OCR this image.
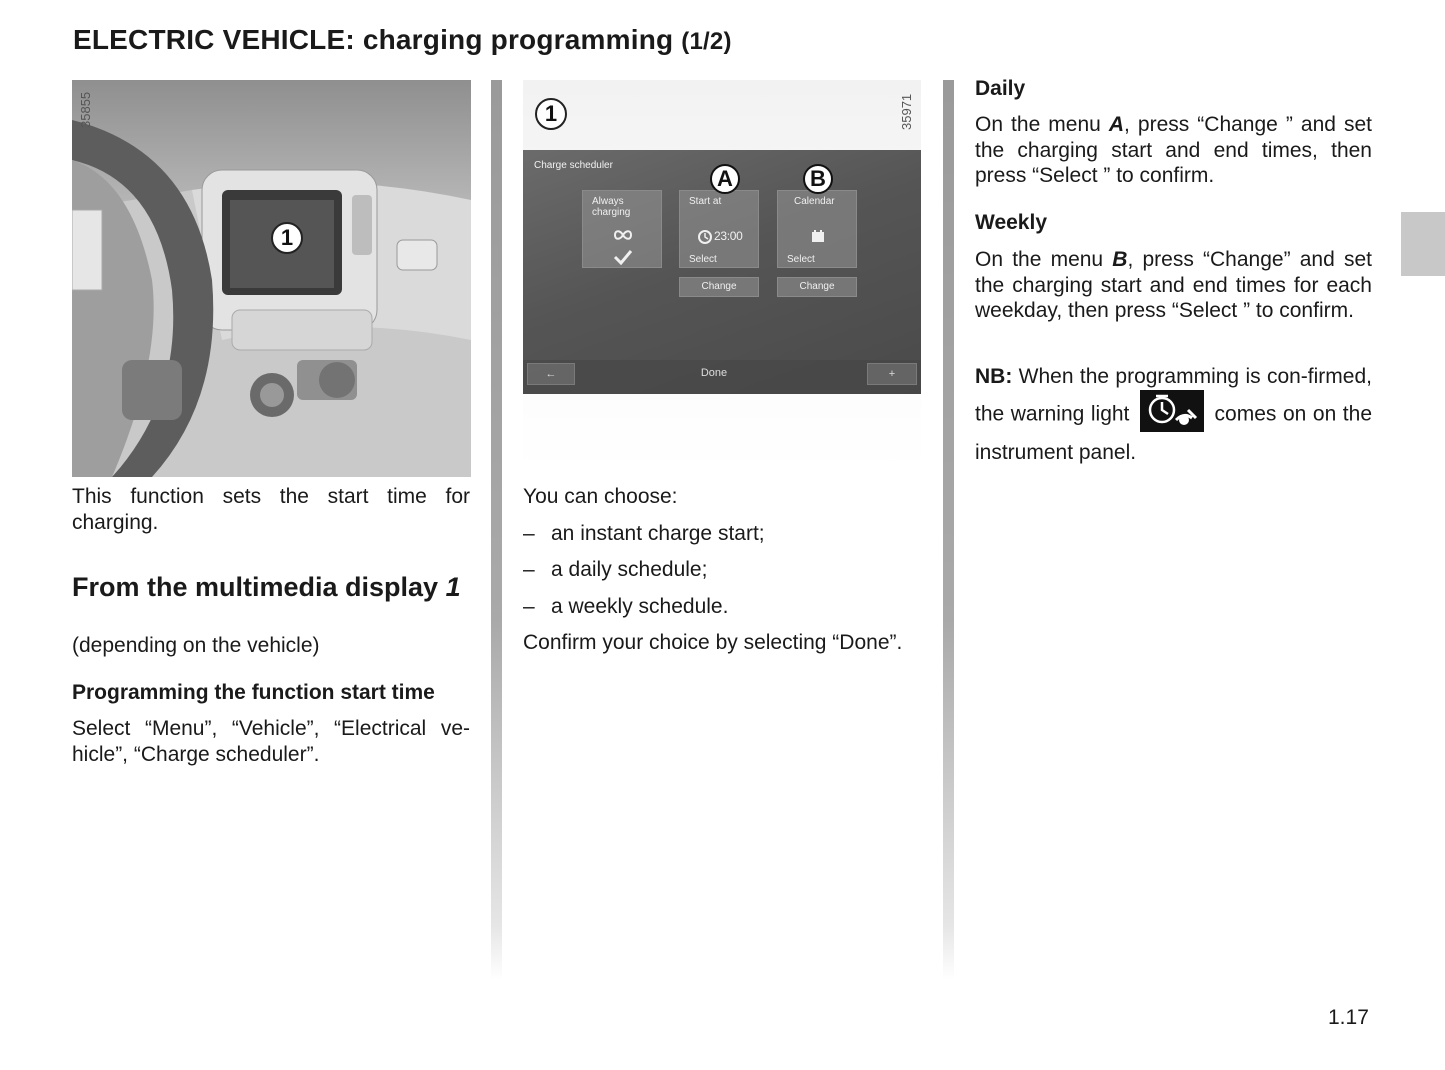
ELECTRIC VEHICLE: charging programming (1/2)
35855
1
This function sets the start time for charging.
From the multimedia display 1
(depending on the vehicle)
Programming the function start time
Select “Menu”, “Vehicle”, “Electrical ve-hicle”, “Charge scheduler”.
1	35971
Charge scheduler
Always
charging
Start at
23:00
Select
Calendar
Select
Change	Change
←	Done	+
A	B
You can choose:
– an instant charge start;
– a daily schedule;
– a weekly schedule.
Confirm your choice by selecting “Done”.
Daily
On the menu A, press “Change ” and set the charging start and end times, then press “Select ” to confirm.
Weekly
On the menu B, press “Change” and set the charging start and end times for each weekday, then press “Select ” to confirm.
NB: When the programming is con-firmed, the warning light	comes on on the instrument panel.
1.17
